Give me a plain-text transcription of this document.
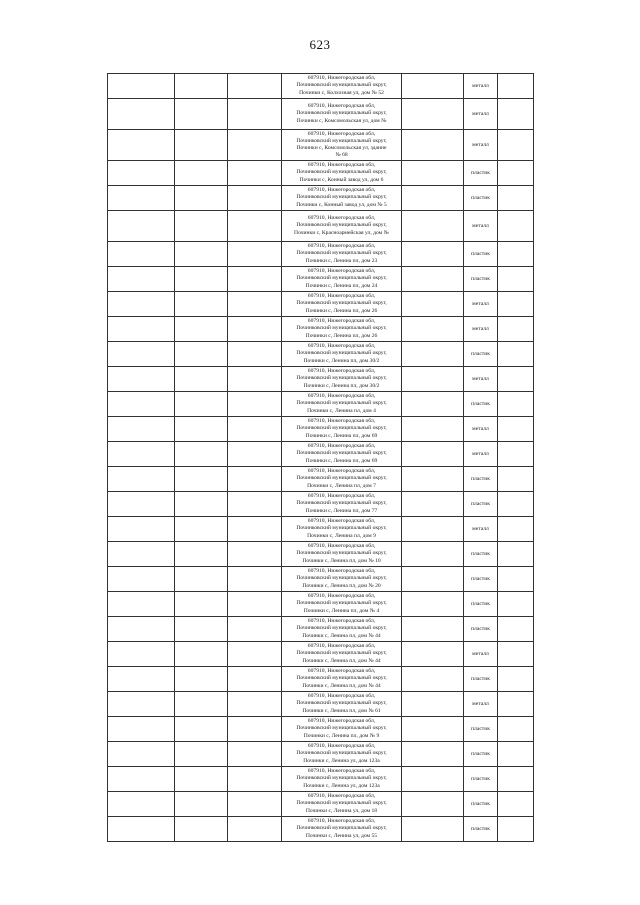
623

			607910, Нижегородская обл,
Починковский муниципальный округ,
Починки с, Колхозная ул, дом № 52		металл	

			607910, Нижегородская обл,
Починковский муниципальный округ,
Починки с, Комсомольская ул, дом №		металл	

			607910, Нижегородская обл,
Починковский муниципальный округ,
Починки с, Комсомольская ул, здание
№ 68		металл	

			607910, Нижегородская обл,
Починковский муниципальный округ,
Починки с, Конный завод ул, дом 6		пластик	

			607910, Нижегородская обл,
Починковский муниципальный округ,
Починки с, Конный завод ул, дом № 5		пластик	

			607910, Нижегородская обл,
Починковский муниципальный округ,
Починки с, Красноармейская ул, дом №		металл	

			607910, Нижегородская обл,
Починковский муниципальный округ,
Починки с, Ленина пл, дом 23		пластик	

			607910, Нижегородская обл,
Починковский муниципальный округ,
Починки с, Ленина пл, дом 24		пластик	

			607910, Нижегородская обл,
Починковский муниципальный округ,
Починки с, Ленина пл, дом 26		металл	

			607910, Нижегородская обл,
Починковский муниципальный округ,
Починки с, Ленина пл, дом 26		металл	

			607910, Нижегородская обл,
Починковский муниципальный округ,
Починки с, Ленина пл, дом 30/2		пластик	

			607910, Нижегородская обл,
Починковский муниципальный округ,
Починки с, Ленина пл, дом 30/2		металл	

			607910, Нижегородская обл,
Починковский муниципальный округ,
Починки с, Ленина пл, дом 4		пластик	

			607910, Нижегородская обл,
Починковский муниципальный округ,
Починки с, Ленина пл, дом 69		металл	

			607910, Нижегородская обл,
Починковский муниципальный округ,
Починки с, Ленина пл, дом 69		металл	

			607910, Нижегородская обл,
Починковский муниципальный округ,
Починки с, Ленина пл, дом 7		пластик	

			607910, Нижегородская обл,
Починковский муниципальный округ,
Починки с, Ленина пл, дом 77		пластик	

			607910, Нижегородская обл,
Починковский муниципальный округ,
Починки с, Ленина пл, дом 9		металл	

			607910, Нижегородская обл,
Починковский муниципальный округ,
Починки с, Ленина пл, дом № 10		пластик	

			607910, Нижегородская обл,
Починковский муниципальный округ,
Починки с, Ленина пл, дом № 20		пластик	

			607910, Нижегородская обл,
Починковский муниципальный округ,
Починки с, Ленина пл, дом № 4		пластик	

			607910, Нижегородская обл,
Починковский муниципальный округ,
Починки с, Ленина пл, дом № 44		пластик	

			607910, Нижегородская обл,
Починковский муниципальный округ,
Починки с, Ленина пл, дом № 44		металл	

			607910, Нижегородская обл,
Починковский муниципальный округ,
Починки с, Ленина пл, дом № 44		пластик	

			607910, Нижегородская обл,
Починковский муниципальный округ,
Починки с, Ленина пл, дом № 61		металл	

			607910, Нижегородская обл,
Починковский муниципальный округ,
Починки с, Ленина пл, дом № 9		пластик	

			607910, Нижегородская обл,
Починковский муниципальный округ,
Починки с, Ленина ул, дом 123а		пластик	

			607910, Нижегородская обл,
Починковский муниципальный округ,
Починки с, Ленина ул, дом 123а		пластик	

			607910, Нижегородская обл,
Починковский муниципальный округ,
Починки с, Ленина ул, дом 18		пластик	

			607910, Нижегородская обл,
Починковский муниципальный округ,
Починки с, Ленина ул, дом 55		пластик	
